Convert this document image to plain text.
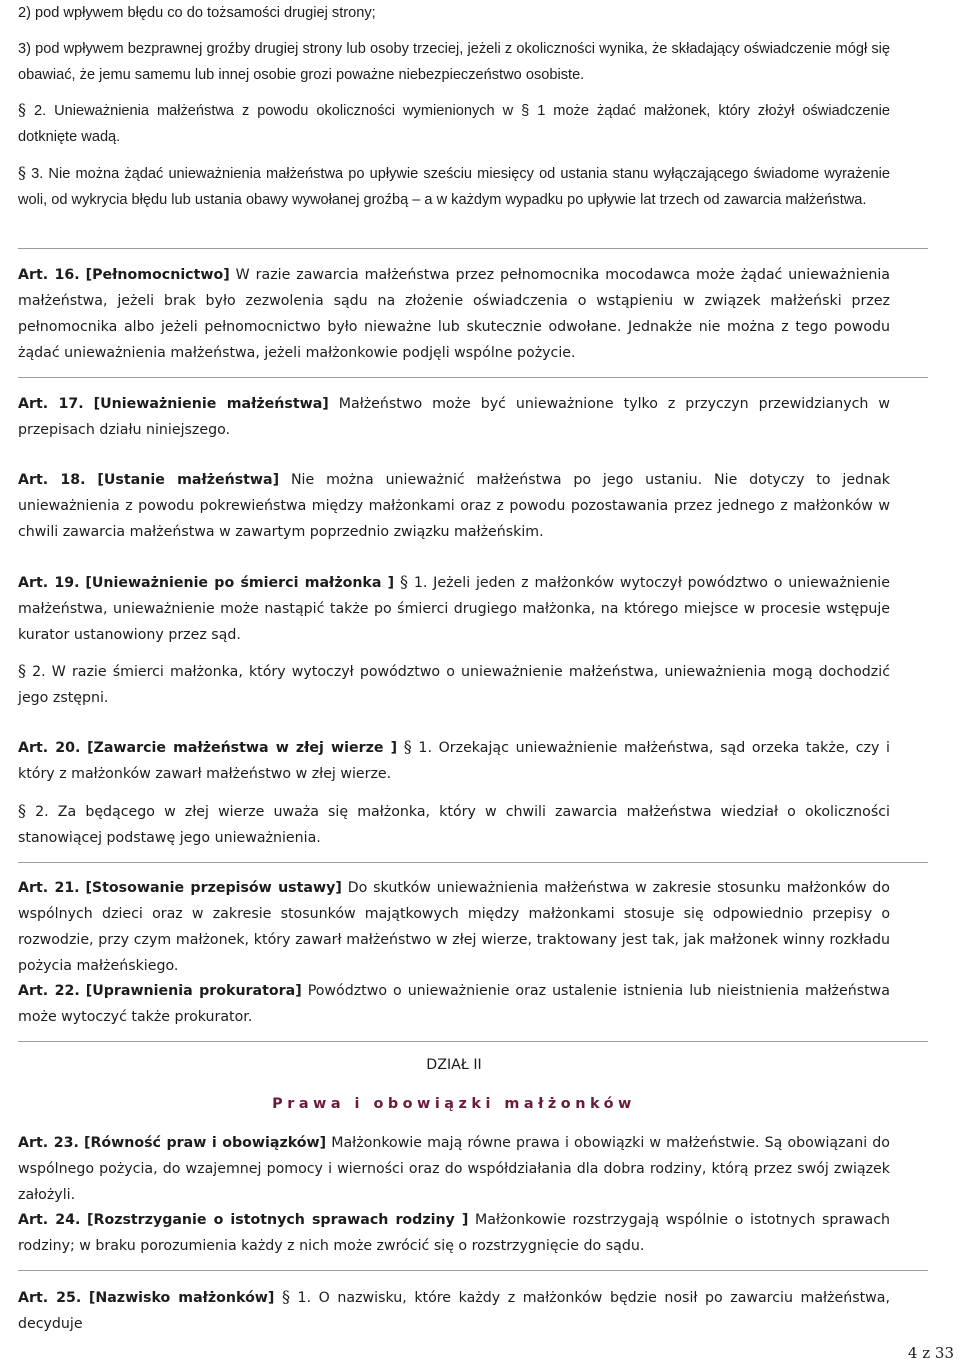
2) pod wpływem błędu co do tożsamości drugiej strony;

3) pod wpływem bezprawnej groźby drugiej strony lub osoby trzeciej, jeżeli z okoliczności wynika, że składający oświadczenie mógł się obawiać, że jemu samemu lub innej osobie grozi poważne niebezpieczeństwo osobiste.

§ 2. Unieważnienia małżeństwa z powodu okoliczności wymienionych w § 1 może żądać małżonek, który złożył oświadczenie dotknięte wadą.

§ 3. Nie można żądać unieważnienia małżeństwa po upływie sześciu miesięcy od ustania stanu wyłączającego świadome wyrażenie woli, od wykrycia błędu lub ustania obawy wywołanej groźbą – a w każdym wypadku po upływie lat trzech od zawarcia małżeństwa.

Art. 16. [Pełnomocnictwo] W razie zawarcia małżeństwa przez pełnomocnika mocodawca może żądać unieważnienia małżeństwa, jeżeli brak było zezwolenia sądu na złożenie oświadczenia o wstąpieniu w związek małżeński przez pełnomocnika albo jeżeli pełnomocnictwo było nieważne lub skutecznie odwołane. Jednakże nie można z tego powodu żądać unieważnienia małżeństwa, jeżeli małżonkowie podjęli wspólne pożycie.

Art. 17. [Unieważnienie małżeństwa] Małżeństwo może być unieważnione tylko z przyczyn przewidzianych w przepisach działu niniejszego.

Art. 18. [Ustanie małżeństwa] Nie można unieważnić małżeństwa po jego ustaniu. Nie dotyczy to jednak unieważnienia z powodu pokrewieństwa między małżonkami oraz z powodu pozostawania przez jednego z małżonków w chwili zawarcia małżeństwa w zawartym poprzednio związku małżeńskim.

Art. 19. [Unieważnienie po śmierci małżonka ] § 1. Jeżeli jeden z małżonków wytoczył powództwo o unieważnienie małżeństwa, unieważnienie może nastąpić także po śmierci drugiego małżonka, na którego miejsce w procesie wstępuje kurator ustanowiony przez sąd.

§ 2. W razie śmierci małżonka, który wytoczył powództwo o unieważnienie małżeństwa, unieważnienia mogą dochodzić jego zstępni.

Art. 20. [Zawarcie małżeństwa w złej wierze ] § 1. Orzekając unieważnienie małżeństwa, sąd orzeka także, czy i który z małżonków zawarł małżeństwo w złej wierze.

§ 2. Za będącego w złej wierze uważa się małżonka, który w chwili zawarcia małżeństwa wiedział o okoliczności stanowiącej podstawę jego unieważnienia.

Art. 21. [Stosowanie przepisów ustawy] Do skutków unieważnienia małżeństwa w zakresie stosunku małżonków do wspólnych dzieci oraz w zakresie stosunków majątkowych między małżonkami stosuje się odpowiednio przepisy o rozwodzie, przy czym małżonek, który zawarł małżeństwo w złej wierze, traktowany jest tak, jak małżonek winny rozkładu pożycia małżeńskiego.

Art. 22. [Uprawnienia prokuratora] Powództwo o unieważnienie oraz ustalenie istnienia lub nieistnienia małżeństwa może wytoczyć także prokurator.

DZIAŁ II
Prawa i obowiązki małżonków

Art. 23. [Równość praw i obowiązków] Małżonkowie mają równe prawa i obowiązki w małżeństwie. Są obowiązani do wspólnego pożycia, do wzajemnej pomocy i wierności oraz do współdziałania dla dobra rodziny, którą przez swój związek założyli.

Art. 24. [Rozstrzyganie o istotnych sprawach rodziny ] Małżonkowie rozstrzygają wspólnie o istotnych sprawach rodziny; w braku porozumienia każdy z nich może zwrócić się o rozstrzygnięcie do sądu.

Art. 25. [Nazwisko małżonków] § 1. O nazwisku, które każdy z małżonków będzie nosił po zawarciu małżeństwa, decyduje

4 z 33
